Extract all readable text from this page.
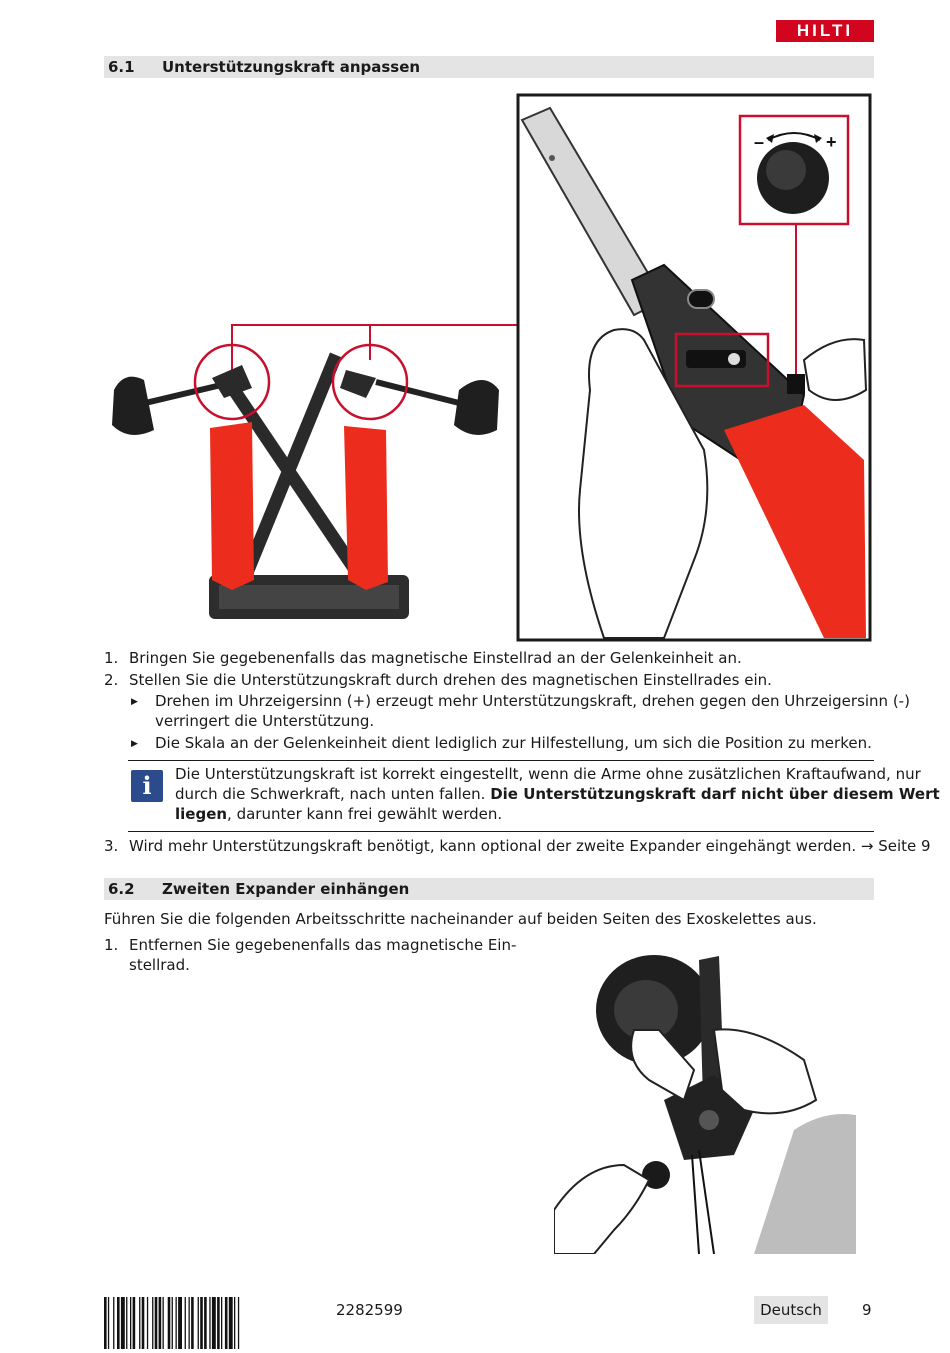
HILTI
6.1 Unterstützungskraft anpassen
–	+
1. Bringen Sie gegebenenfalls das magnetische Einstellrad an der Gelenkeinheit an.
2. Stellen Sie die Unterstützungskraft durch drehen des magnetischen Einstellrades ein.
▶ Drehen im Uhrzeigersinn (+) erzeugt mehr Unterstützungskraft, drehen gegen den Uhrzeigersinn (-)
verringert die Unterstützung.
▶ Die Skala an der Gelenkeinheit dient lediglich zur Hilfestellung, um sich die Position zu merken.
i	Die Unterstützungskraft ist korrekt eingestellt, wenn die Arme ohne zusätzlichen Kraftaufwand, nur
durch die Schwerkraft, nach unten fallen. Die Unterstützungskraft darf nicht über diesem Wert
liegen, darunter kann frei gewählt werden.
3. Wird mehr Unterstützungskraft benötigt, kann optional der zweite Expander eingehängt werden. → Seite 9
6.2 Zweiten Expander einhängen
Führen Sie die folgenden Arbeitsschritte nacheinander auf beiden Seiten des Exoskelettes aus.
1. Entfernen Sie gegebenenfalls das magnetische Ein-
stellrad.
2282599	Deutsch	9
